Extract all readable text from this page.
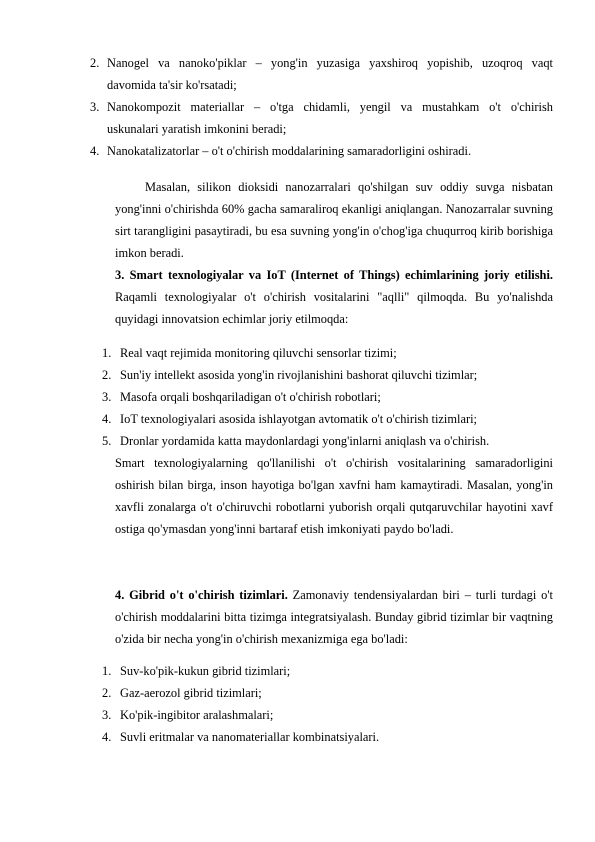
2. Nanogel va nanoko'piklar – yong'in yuzasiga yaxshiroq yopishib, uzoqroq vaqt
davomida ta'sir ko'rsatadi;
3. Nanokompozit materiallar – o'tga chidamli, yengil va mustahkam o't o'chirish
uskunalari yaratish imkonini beradi;
4. Nanokatalizatorlar – o't o'chirish moddalarining samaradorligini oshiradi.

Masalan, silikon dioksidi nanozarralari qo'shilgan suv oddiy suvga nisbatan yong'inni o'chirishda 60% gacha samaraliroq ekanligi aniqlangan. Nanozarralar suvning sirt tarangligini pasaytiradi, bu esa suvning yong'in o'chog'iga chuqurroq kirib borishiga imkon beradi.

3. Smart texnologiyalar va IoT (Internet of Things) echimlarining joriy etilishi. Raqamli texnologiyalar o't o'chirish vositalarini "aqlli" qilmoqda. Bu yo'nalishda quyidagi innovatsion echimlar joriy etilmoqda:

1. Real vaqt rejimida monitoring qiluvchi sensorlar tizimi;
2. Sun'iy intellekt asosida yong'in rivojlanishini bashorat qiluvchi tizimlar;
3. Masofa orqali boshqariladigan o't o'chirish robotlari;
4. IoT texnologiyalari asosida ishlayotgan avtomatik o't o'chirish tizimlari;
5. Dronlar yordamida katta maydonlardagi yong'inlarni aniqlash va o'chirish.

Smart texnologiyalarning qo'llanilishi o't o'chirish vositalarining samaradorligini oshirish bilan birga, inson hayotiga bo'lgan xavfni ham kamaytiradi. Masalan, yong'in xavfli zonalarga o't o'chiruvchi robotlarni yuborish orqali qutqaruvchilar hayotini xavf ostiga qo'ymasdan yong'inni bartaraf etish imkoniyati paydo bo'ladi.

4. Gibrid o't o'chirish tizimlari. Zamonaviy tendensiyalardan biri – turli turdagi o't o'chirish moddalarini bitta tizimga integratsiyalash. Bunday gibrid tizimlar bir vaqtning o'zida bir necha yong'in o'chirish mexanizmiga ega bo'ladi:

1. Suv-ko'pik-kukun gibrid tizimlari;
2. Gaz-aerozol gibrid tizimlari;
3. Ko'pik-ingibitor aralashmalari;
4. Suvli eritmalar va nanomateriallar kombinatsiyalari.
